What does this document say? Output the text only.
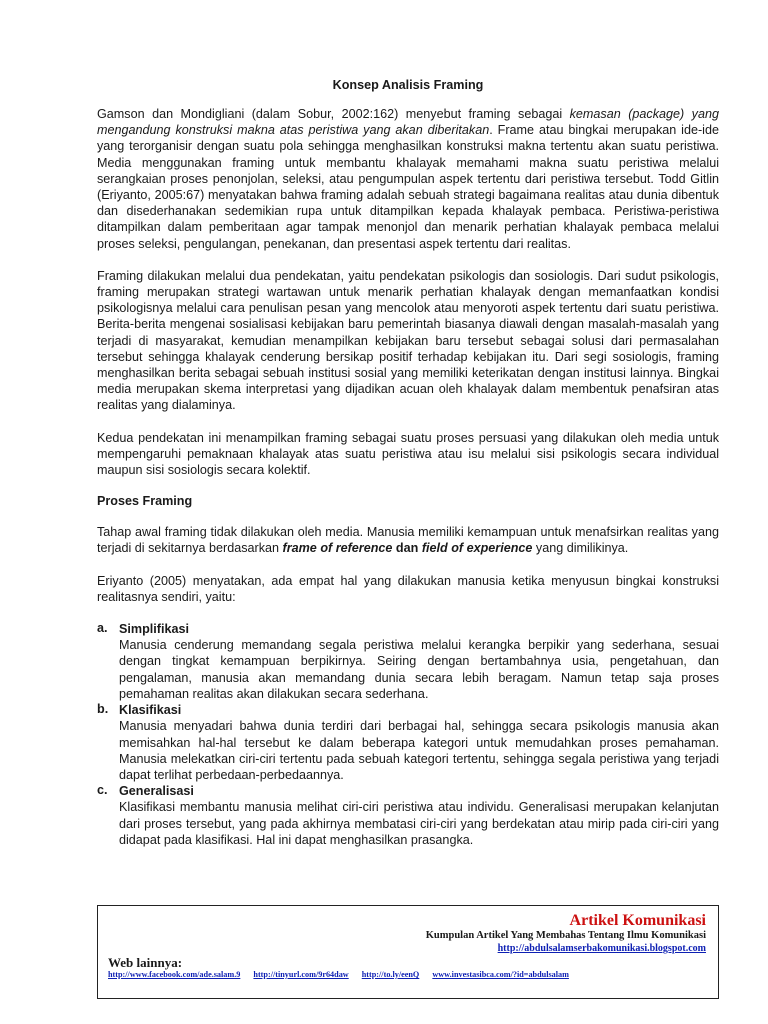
Konsep Analisis Framing

Gamson dan Mondigliani (dalam Sobur, 2002:162) menyebut framing sebagai kemasan (package) yang mengandung konstruksi makna atas peristiwa yang akan diberitakan. Frame atau bingkai merupakan ide-ide yang terorganisir dengan suatu pola sehingga menghasilkan konstruksi makna tertentu akan suatu peristiwa. Media menggunakan framing untuk membantu khalayak memahami makna suatu peristiwa melalui serangkaian proses penonjolan, seleksi, atau pengumpulan aspek tertentu dari peristiwa tersebut. Todd Gitlin (Eriyanto, 2005:67) menyatakan bahwa framing adalah sebuah strategi bagaimana realitas atau dunia dibentuk dan disederhanakan sedemikian rupa untuk ditampilkan kepada khalayak pembaca. Peristiwa-peristiwa ditampilkan dalam pemberitaan agar tampak menonjol dan menarik perhatian khalayak pembaca melalui proses seleksi, pengulangan, penekanan, dan presentasi aspek tertentu dari realitas.

Framing dilakukan melalui dua pendekatan, yaitu pendekatan psikologis dan sosiologis. Dari sudut psikologis, framing merupakan strategi wartawan untuk menarik perhatian khalayak dengan memanfaatkan kondisi psikologisnya melalui cara penulisan pesan yang mencolok atau menyoroti aspek tertentu dari suatu peristiwa. Berita-berita mengenai sosialisasi kebijakan baru pemerintah biasanya diawali dengan masalah-masalah yang terjadi di masyarakat, kemudian menampilkan kebijakan baru tersebut sebagai solusi dari permasalahan tersebut sehingga khalayak cenderung bersikap positif terhadap kebijakan itu. Dari segi sosiologis, framing menghasilkan berita sebagai sebuah institusi sosial yang memiliki keterikatan dengan institusi lainnya. Bingkai media merupakan skema interpretasi yang dijadikan acuan oleh khalayak dalam membentuk penafsiran atas realitas yang dialaminya.

Kedua pendekatan ini menampilkan framing sebagai suatu proses persuasi yang dilakukan oleh media untuk mempengaruhi pemaknaan khalayak atas suatu peristiwa atau isu melalui sisi psikologis secara individual maupun sisi sosiologis secara kolektif.

Proses Framing

Tahap awal framing tidak dilakukan oleh media. Manusia memiliki kemampuan untuk menafsirkan realitas yang terjadi di sekitarnya berdasarkan frame of reference dan field of experience yang dimilikinya.

Eriyanto (2005) menyatakan, ada empat hal yang dilakukan manusia ketika menyusun bingkai konstruksi realitasnya sendiri, yaitu:

a. Simplifikasi

Manusia cenderung memandang segala peristiwa melalui kerangka berpikir yang sederhana, sesuai dengan tingkat kemampuan berpikirnya. Seiring dengan bertambahnya usia, pengetahuan, dan pengalaman, manusia akan memandang dunia secara lebih beragam. Namun tetap saja proses pemahaman realitas akan dilakukan secara sederhana.

b. Klasifikasi

Manusia menyadari bahwa dunia terdiri dari berbagai hal, sehingga secara psikologis manusia akan memisahkan hal-hal tersebut ke dalam beberapa kategori untuk memudahkan proses pemahaman. Manusia melekatkan ciri-ciri tertentu pada sebuah kategori tertentu, sehingga segala peristiwa yang terjadi dapat terlihat perbedaan-perbedaannya.

c. Generalisasi

Klasifikasi membantu manusia melihat ciri-ciri peristiwa atau individu. Generalisasi merupakan kelanjutan dari proses tersebut, yang pada akhirnya membatasi ciri-ciri yang berdekatan atau mirip pada ciri-ciri yang didapat pada klasifikasi. Hal ini dapat menghasilkan prasangka.

Artikel Komunikasi
Kumpulan Artikel Yang Membahas Tentang Ilmu Komunikasi
http://abdulsalamserbakomunikasi.blogspot.com
Web lainnya:
http://www.facebook.com/ade.salam.9 http://tinyurl.com/9r64daw http://to.ly/eenQ www.investasibca.com/?id=abdulsalam
